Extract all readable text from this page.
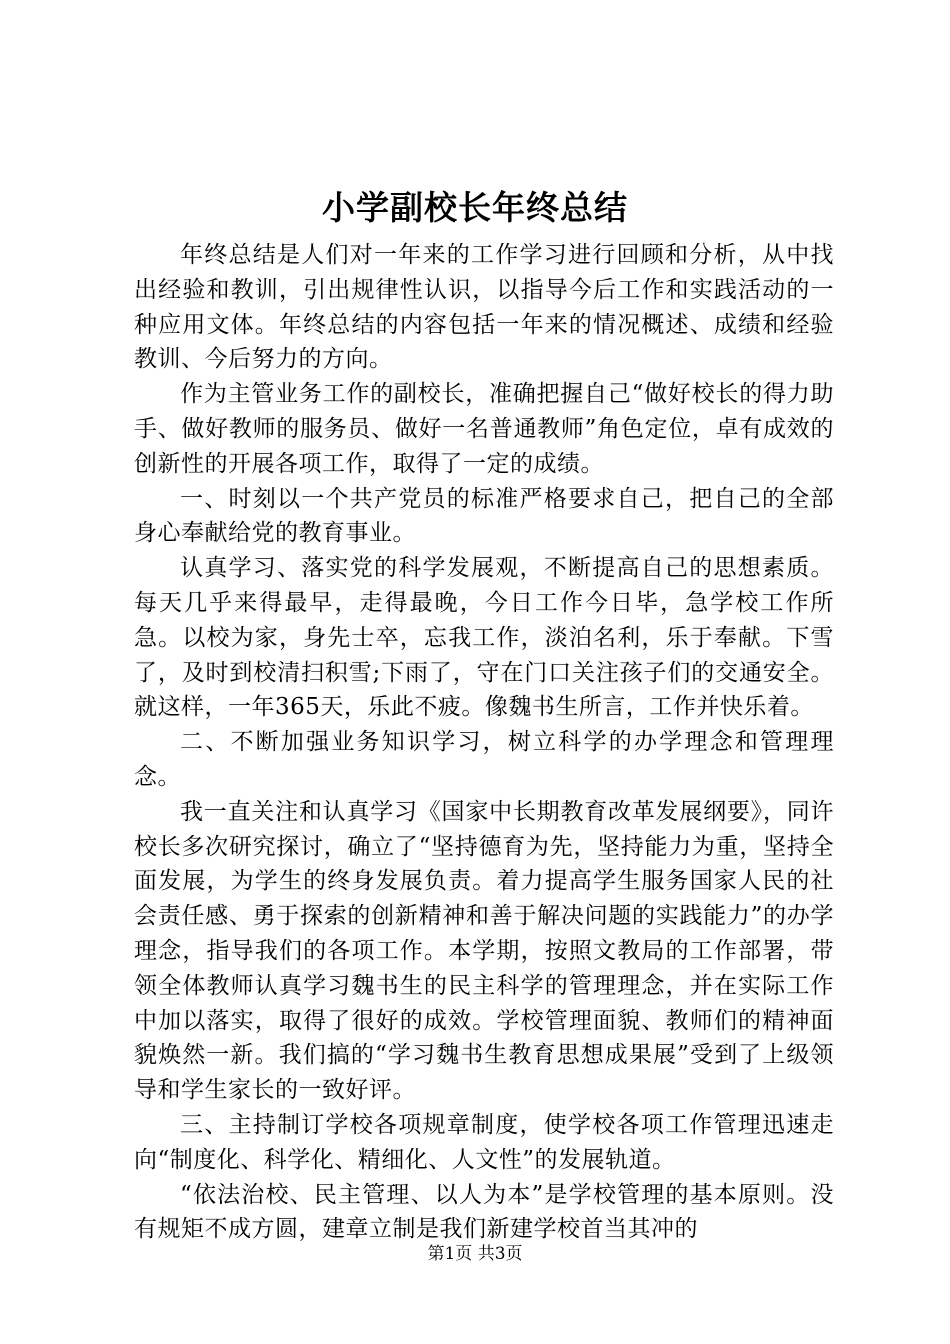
小学副校长年终总结

年终总结是人们对一年来的工作学习进行回顾和分析，从中找出经验和教训，引出规律性认识，以指导今后工作和实践活动的一种应用文体。年终总结的内容包括一年来的情况概述、成绩和经验教训、今后努力的方向。

作为主管业务工作的副校长，准确把握自己“做好校长的得力助手、做好教师的服务员、做好一名普通教师”角色定位，卓有成效的创新性的开展各项工作，取得了一定的成绩。

一、时刻以一个共产党员的标准严格要求自己，把自己的全部身心奉献给党的教育事业。

认真学习、落实党的科学发展观，不断提高自己的思想素质。每天几乎来得最早，走得最晚，今日工作今日毕，急学校工作所急。以校为家，身先士卒，忘我工作，淡泊名利，乐于奉献。下雪了，及时到校清扫积雪;下雨了，守在门口关注孩子们的交通安全。就这样，一年365天，乐此不疲。像魏书生所言，工作并快乐着。

二、不断加强业务知识学习，树立科学的办学理念和管理理念。

我一直关注和认真学习《国家中长期教育改革发展纲要》，同许校长多次研究探讨，确立了“坚持德育为先，坚持能力为重，坚持全面发展，为学生的终身发展负责。着力提高学生服务国家人民的社会责任感、勇于探索的创新精神和善于解决问题的实践能力”的办学理念，指导我们的各项工作。本学期，按照文教局的工作部署，带领全体教师认真学习魏书生的民主科学的管理理念，并在实际工作中加以落实，取得了很好的成效。学校管理面貌、教师们的精神面貌焕然一新。我们搞的“学习魏书生教育思想成果展”受到了上级领导和学生家长的一致好评。

三、主持制订学校各项规章制度，使学校各项工作管理迅速走向“制度化、科学化、精细化、人文性”的发展轨道。

“依法治校、民主管理、以人为本”是学校管理的基本原则。没有规矩不成方圆，建章立制是我们新建学校首当其冲的

第1页 共3页
